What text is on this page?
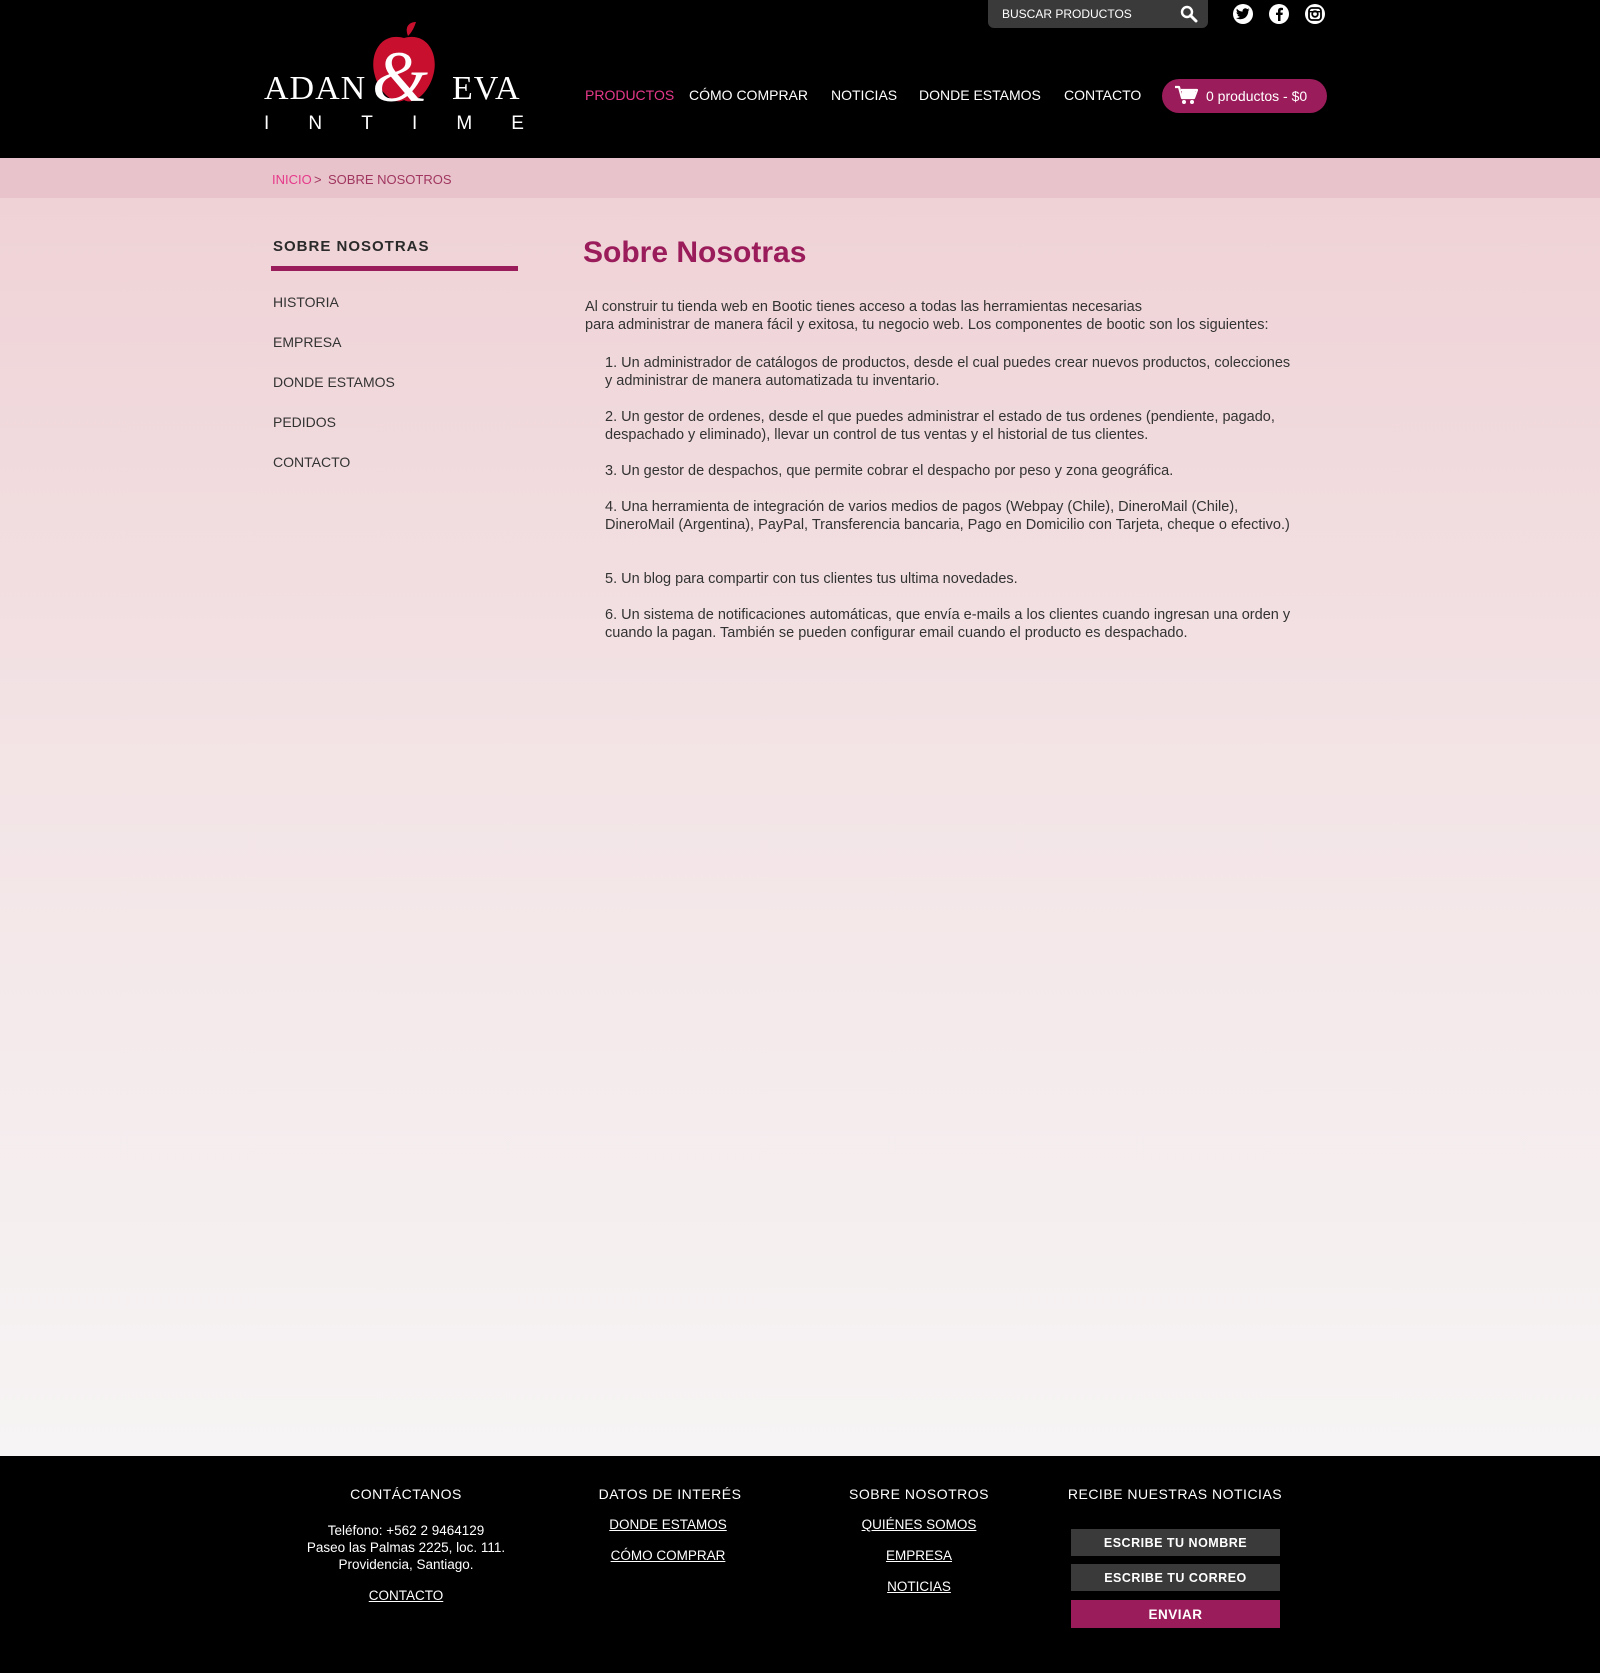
BUSCAR PRODUCTOS
ADAN & EVA
I N T I M E
PRODUCTOS CÓMO COMPRAR NOTICIAS DONDE ESTAMOS CONTACTO	0 productos - $0
INICIO > SOBRE NOSOTROS
SOBRE NOSOTRAS
HISTORIA
EMPRESA
DONDE ESTAMOS
PEDIDOS
CONTACTO
Sobre Nosotras
Al construir tu tienda web en Bootic tienes acceso a todas las herramientas necesarias
para administrar de manera fácil y exitosa, tu negocio web. Los componentes de bootic son los siguientes:

1. Un administrador de catálogos de productos, desde el cual puedes crear nuevos productos, colecciones y administrar de manera automatizada tu inventario.

2. Un gestor de ordenes, desde el que puedes administrar el estado de tus ordenes (pendiente, pagado, despachado y eliminado), llevar un control de tus ventas y el historial de tus clientes.

3. Un gestor de despachos, que permite cobrar el despacho por peso y zona geográfica.

4. Una herramienta de integración de varios medios de pagos (Webpay (Chile), DineroMail (Chile), DineroMail (Argentina), PayPal, Transferencia bancaria, Pago en Domicilio con Tarjeta, cheque o efectivo.)

5. Un blog para compartir con tus clientes tus ultima novedades.

6. Un sistema de notificaciones automáticas, que envía e-mails a los clientes cuando ingresan una orden y cuando la pagan. También se pueden configurar email cuando el producto es despachado.

CONTÁCTANOS
Teléfono: +562 2 9464129
Paseo las Palmas 2225, loc. 111.
Providencia, Santiago.
CONTACTO
DATOS DE INTERÉS
DONDE ESTAMOS
CÓMO COMPRAR
SOBRE NOSOTROS
QUIÉNES SOMOS
EMPRESA
NOTICIAS
RECIBE NUESTRAS NOTICIAS
ESCRIBE TU NOMBRE
ESCRIBE TU CORREO
ENVIAR
